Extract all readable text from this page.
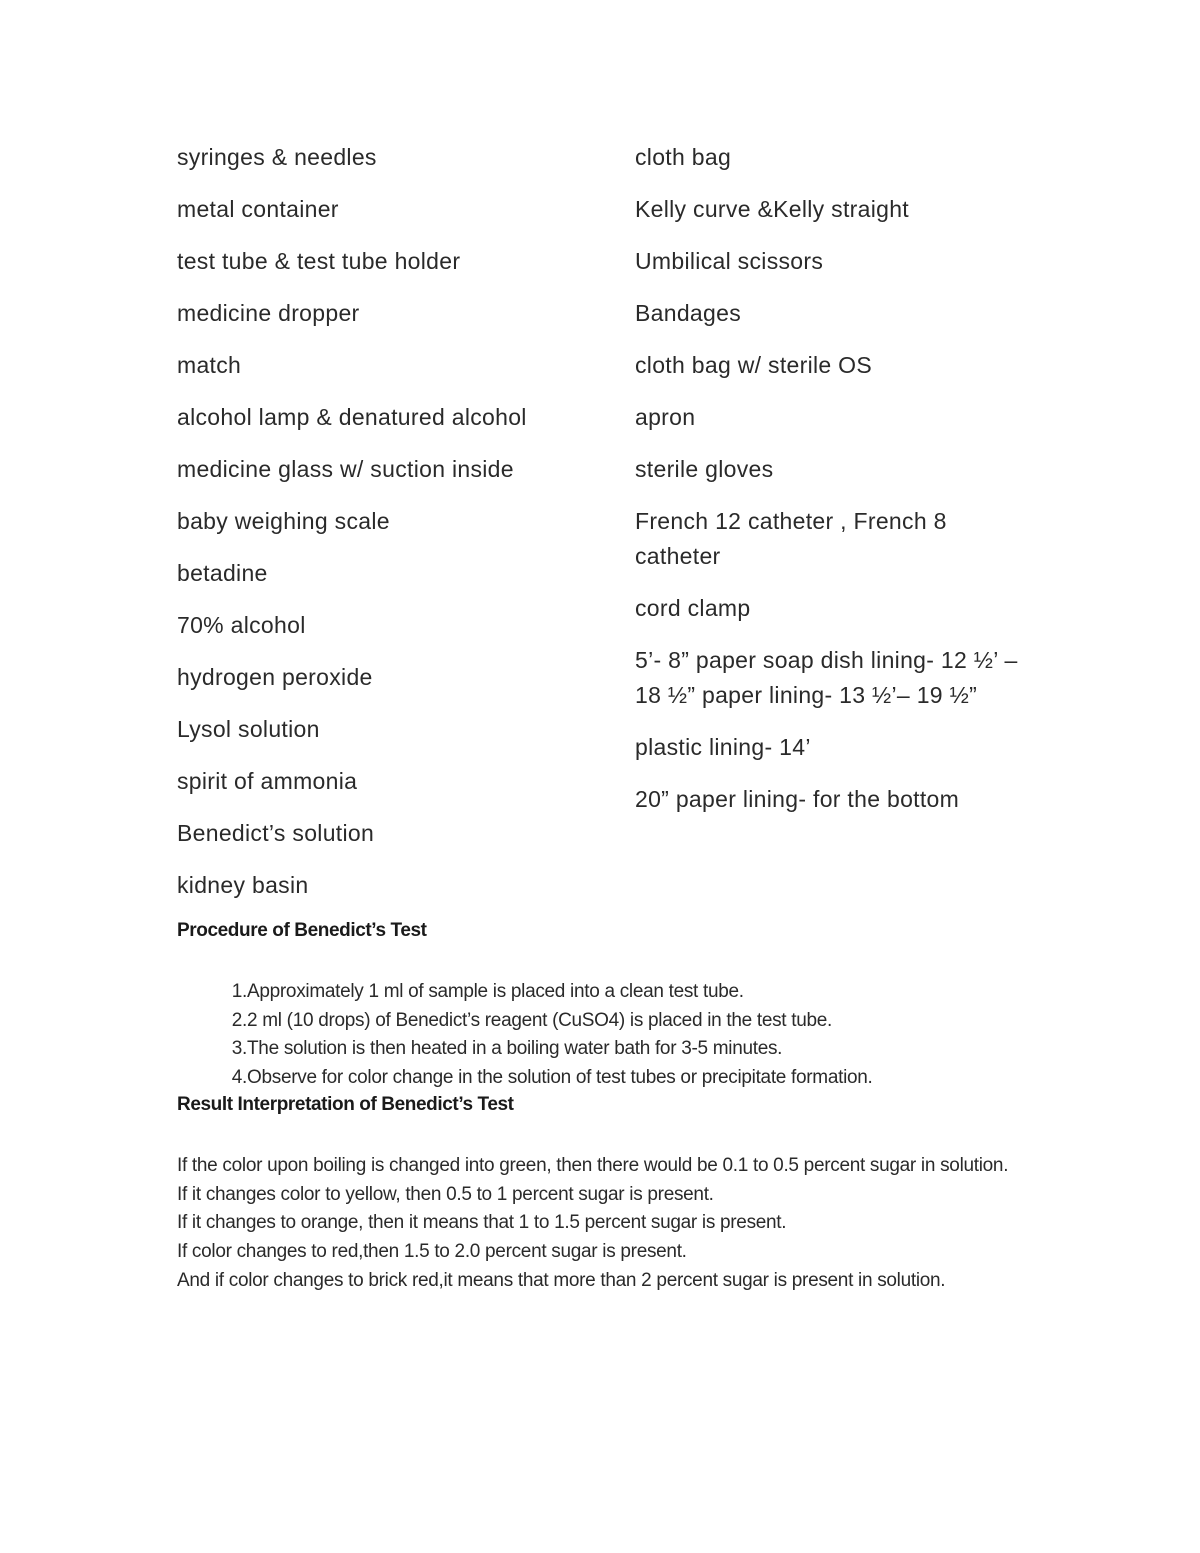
syringes & needles

metal container

test tube & test tube holder

medicine dropper

match

alcohol lamp & denatured alcohol

medicine glass w/ suction inside

baby weighing scale

betadine

70% alcohol

hydrogen peroxide

Lysol solution

spirit of ammonia

Benedict’s solution

kidney basin

cloth bag

Kelly curve &Kelly straight

Umbilical scissors

Bandages

cloth bag w/ sterile OS

apron

sterile gloves

French 12 catheter , French 8 catheter

cord clamp

5’- 8” paper soap dish lining- 12 ½’ – 18 ½” paper lining- 13 ½’– 19 ½”

plastic lining- 14’

20” paper lining- for the bottom

Procedure of Benedict’s Test
1. Approximately 1 ml of sample is placed into a clean test tube.
2. 2 ml (10 drops) of Benedict’s reagent (CuSO4) is placed in the test tube.
3. The solution is then heated in a boiling water bath for 3-5 minutes.
4. Observe for color change in the solution of test tubes or precipitate formation.
Result Interpretation of Benedict’s Test

If the color upon boiling is changed into green, then there would be 0.1 to 0.5 percent sugar in solution.

If it changes color to yellow, then 0.5 to 1 percent sugar is present.

If it changes to orange, then it means that 1 to 1.5 percent sugar is present.

If color changes to red,then 1.5 to 2.0 percent sugar is present.

And if color changes to brick red,it means that more than 2 percent sugar is present in solution.
